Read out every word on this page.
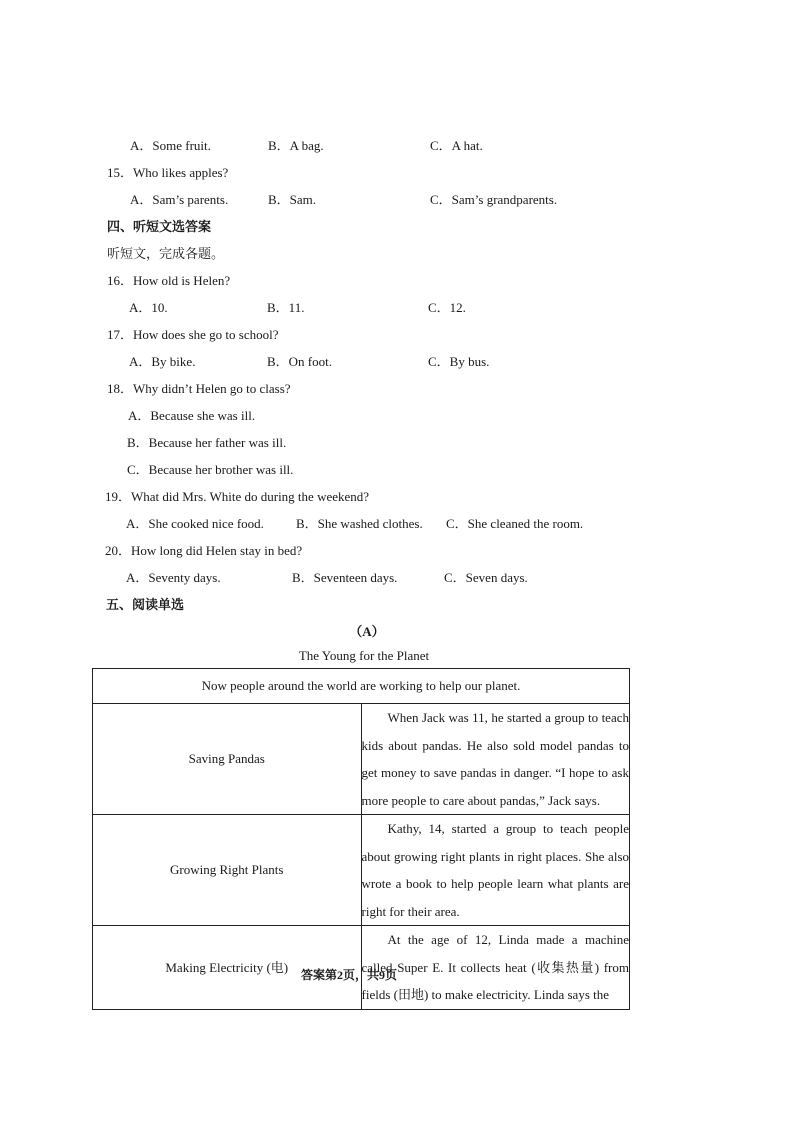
A．Some fruit.	B．A bag.	C．A hat.
15．Who likes apples?
A．Sam’s parents.	B．Sam.	C．Sam’s grandparents.
四、听短文选答案
听短文，完成各题。
16．How old is Helen?
A．10.	B．11.	C．12.
17．How does she go to school?
A．By bike.	B．On foot.	C．By bus.
18．Why didn’t Helen go to class?
A．Because she was ill.
B．Because her father was ill.
C．Because her brother was ill.
19．What did Mrs. White do during the weekend?
A．She cooked nice food. B．She washed clothes. C．She cleaned the room.
20．How long did Helen stay in bed?
A．Seventy days.	B．Seventeen days.	C．Seven days.
五、阅读单选
（A）
The Young for the Planet
Now people around the world are working to help our planet.	
Saving Pandas	When Jack was 11, he started a group to teach kids about pandas. He also sold model pandas to get money to save pandas in danger. “I hope to ask more people to care about pandas,” Jack says.
Growing Right Plants	Kathy, 14, started a group to teach people about growing right plants in right places. She also wrote a book to help people learn what plants are right for their area.
Making Electricity (电)	At the age of 12, Linda made a machine called Super E. It collects heat (收集热量) from fields (田地) to make electricity. Linda says the
答案第2页，共9页
